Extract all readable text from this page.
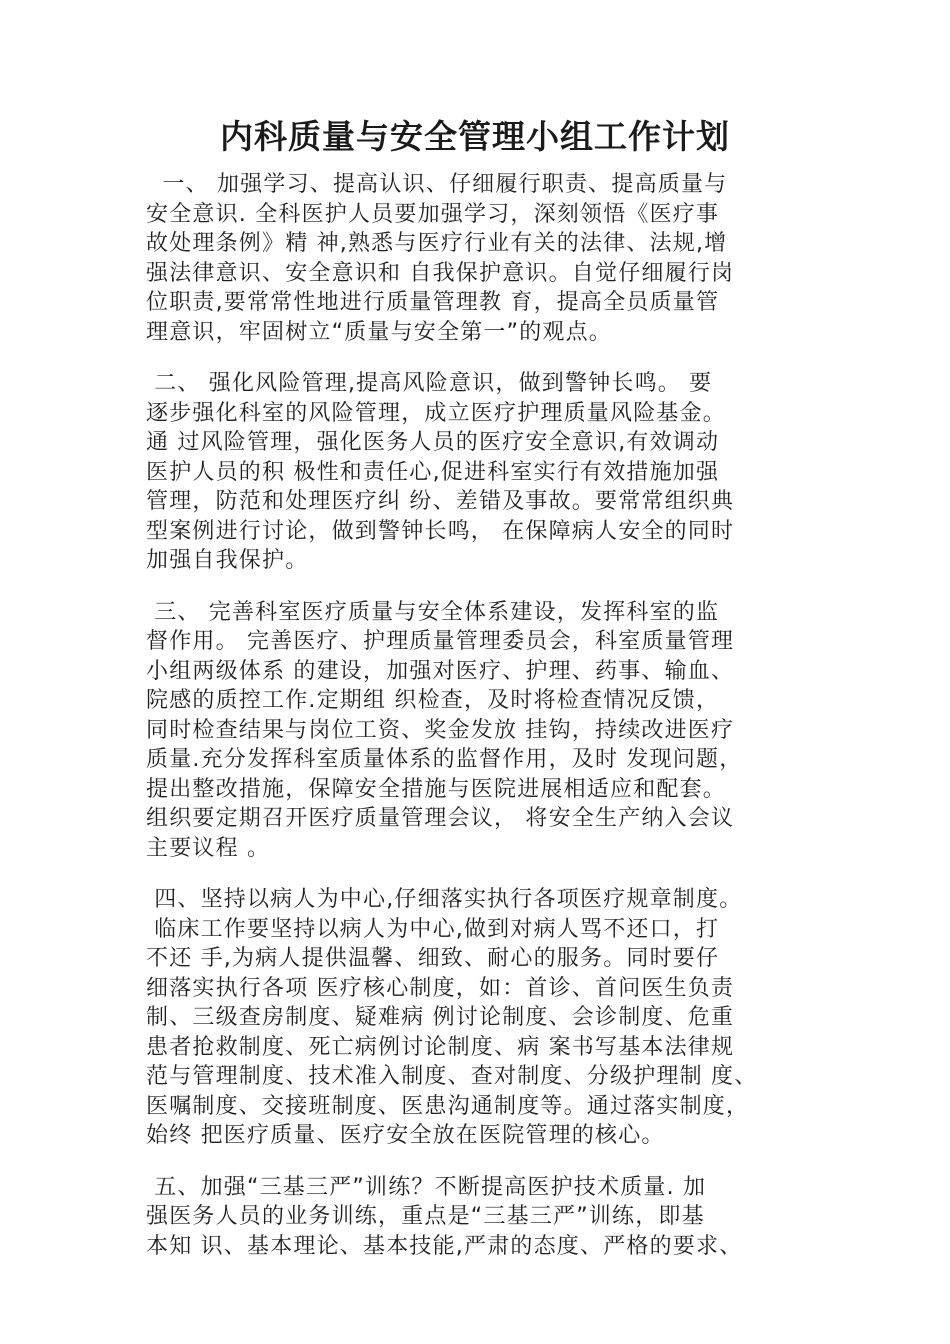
内科质量与安全管理小组工作计划

一、 加强学习、提高认识、仔细履行职责、提高质量与
安全意识. 全科医护人员要加强学习，深刻领悟《医疗事
故处理条例》精 神,熟悉与医疗行业有关的法律、法规,增
强法律意识、安全意识和 自我保护意识。自觉仔细履行岗
位职责,要常常性地进行质量管理教 育，提高全员质量管
理意识，牢固树立“质量与安全第一”的观点。

二、 强化风险管理,提高风险意识，做到警钟长鸣。 要
逐步强化科室的风险管理，成立医疗护理质量风险基金。
通 过风险管理，强化医务人员的医疗安全意识,有效调动
医护人员的积 极性和责任心,促进科室实行有效措施加强
管理，防范和处理医疗纠 纷、差错及事故。要常常组织典
型案例进行讨论，做到警钟长鸣， 在保障病人安全的同时
加强自我保护。

三、 完善科室医疗质量与安全体系建设，发挥科室的监
督作用。 完善医疗、护理质量管理委员会，科室质量管理
小组两级体系 的建设，加强对医疗、护理、药事、输血、
院感的质控工作.定期组 织检查，及时将检查情况反馈，
同时检查结果与岗位工资、奖金发放 挂钩，持续改进医疗
质量.充分发挥科室质量体系的监督作用，及时 发现问题，
提出整改措施，保障安全措施与医院进展相适应和配套。
组织要定期召开医疗质量管理会议， 将安全生产纳入会议
主要议程 。

四、坚持以病人为中心,仔细落实执行各项医疗规章制度。
临床工作要坚持以病人为中心,做到对病人骂不还口，打
不还 手,为病人提供温馨、细致、耐心的服务。同时要仔
细落实执行各项 医疗核心制度，如：首诊、首问医生负责
制、三级查房制度、疑难病 例讨论制度、会诊制度、危重
患者抢救制度、死亡病例讨论制度、病 案书写基本法律规
范与管理制度、技术准入制度、查对制度、分级护理制 度、
医嘱制度、交接班制度、医患沟通制度等。通过落实制度，
始终 把医疗质量、医疗安全放在医院管理的核心。

五、加强“三基三严”训练？不断提高医护技术质量. 加
强医务人员的业务训练，重点是“三基三严”训练，即基
本知 识、基本理论、基本技能,严肃的态度、严格的要求、
